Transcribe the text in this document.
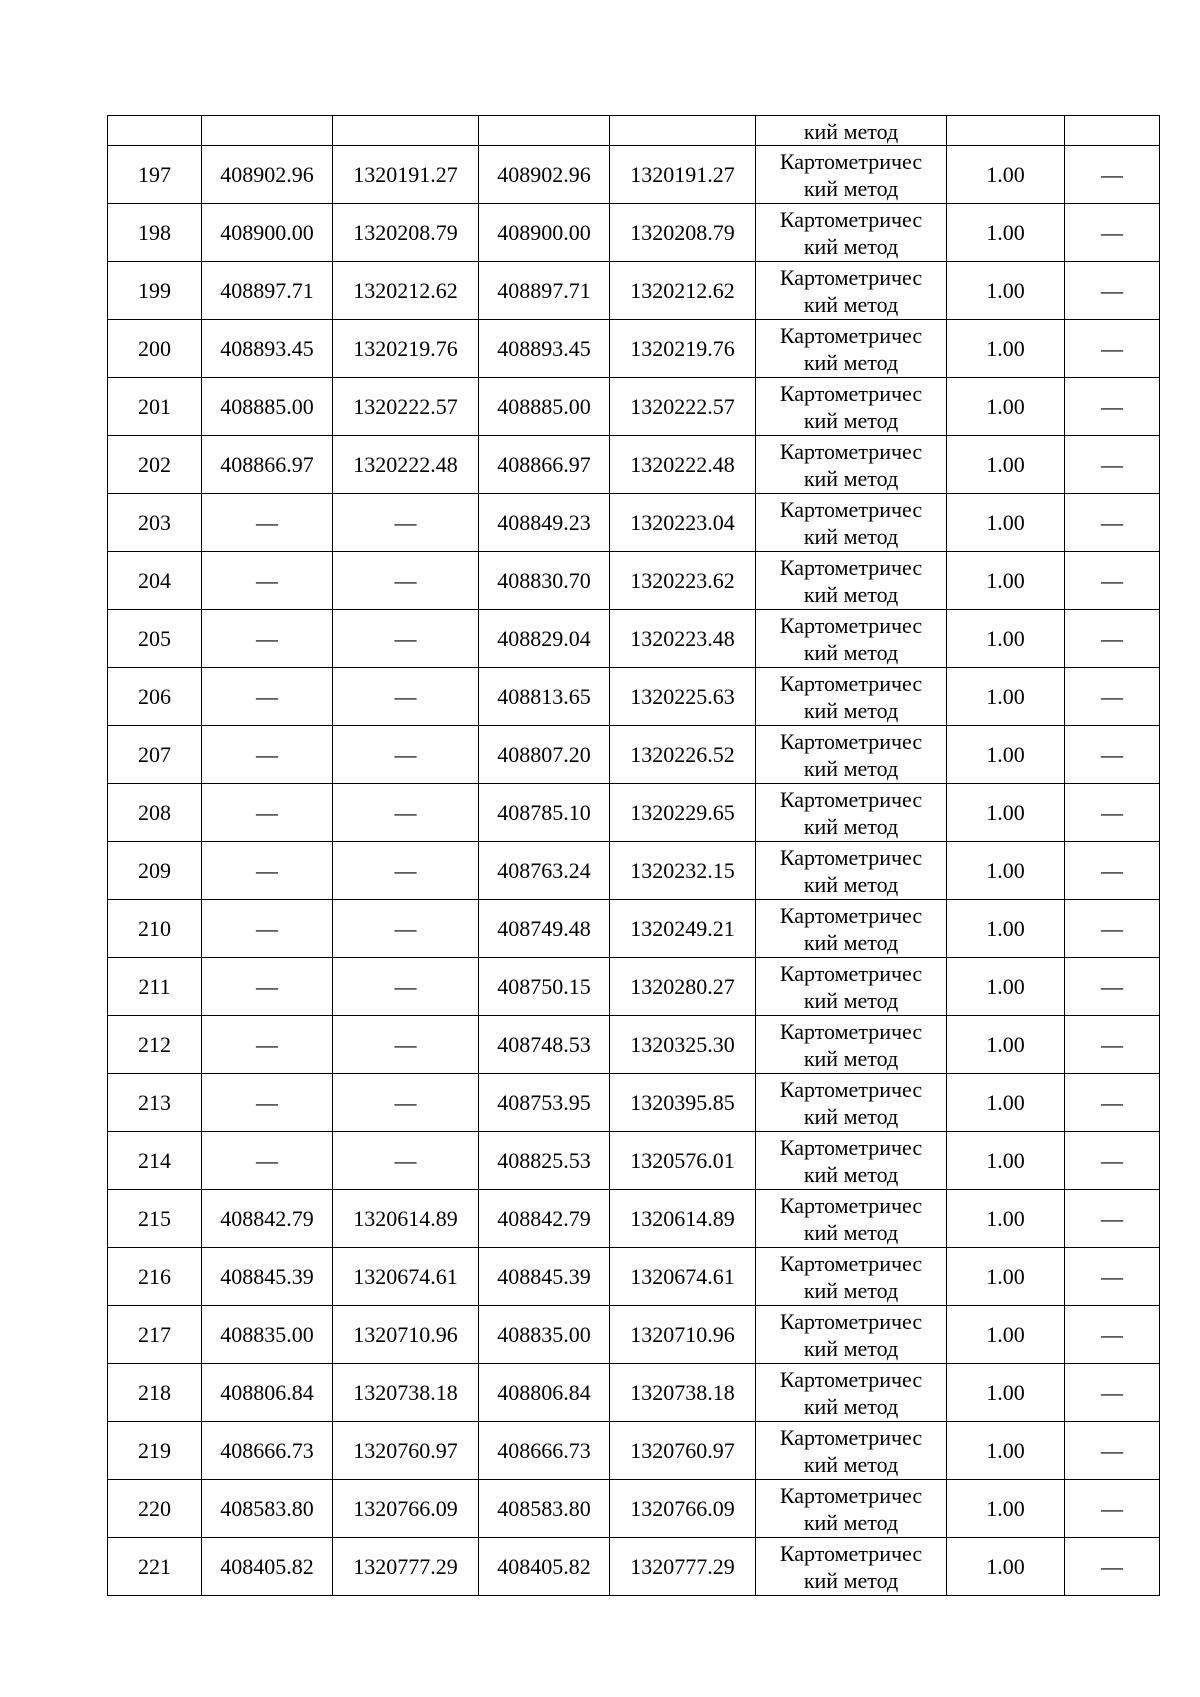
					кий метод		

197	408902.96	1320191.27	408902.96	1320191.27	Картометричес
кий метод	1.00	—
198	408900.00	1320208.79	408900.00	1320208.79	Картометричес
кий метод	1.00	—
199	408897.71	1320212.62	408897.71	1320212.62	Картометричес
кий метод	1.00	—
200	408893.45	1320219.76	408893.45	1320219.76	Картометричес
кий метод	1.00	—
201	408885.00	1320222.57	408885.00	1320222.57	Картометричес
кий метод	1.00	—
202	408866.97	1320222.48	408866.97	1320222.48	Картометричес
кий метод	1.00	—
203	—	—	408849.23	1320223.04	Картометричес
кий метод	1.00	—
204	—	—	408830.70	1320223.62	Картометричес
кий метод	1.00	—
205	—	—	408829.04	1320223.48	Картометричес
кий метод	1.00	—
206	—	—	408813.65	1320225.63	Картометричес
кий метод	1.00	—
207	—	—	408807.20	1320226.52	Картометричес
кий метод	1.00	—
208	—	—	408785.10	1320229.65	Картометричес
кий метод	1.00	—
209	—	—	408763.24	1320232.15	Картометричес
кий метод	1.00	—
210	—	—	408749.48	1320249.21	Картометричес
кий метод	1.00	—
211	—	—	408750.15	1320280.27	Картометричес
кий метод	1.00	—
212	—	—	408748.53	1320325.30	Картометричес
кий метод	1.00	—
213	—	—	408753.95	1320395.85	Картометричес
кий метод	1.00	—
214	—	—	408825.53	1320576.01	Картометричес
кий метод	1.00	—
215	408842.79	1320614.89	408842.79	1320614.89	Картометричес
кий метод	1.00	—
216	408845.39	1320674.61	408845.39	1320674.61	Картометричес
кий метод	1.00	—
217	408835.00	1320710.96	408835.00	1320710.96	Картометричес
кий метод	1.00	—
218	408806.84	1320738.18	408806.84	1320738.18	Картометричес
кий метод	1.00	—
219	408666.73	1320760.97	408666.73	1320760.97	Картометричес
кий метод	1.00	—
220	408583.80	1320766.09	408583.80	1320766.09	Картометричес
кий метод	1.00	—
221	408405.82	1320777.29	408405.82	1320777.29	Картометричес
кий метод	1.00	—
